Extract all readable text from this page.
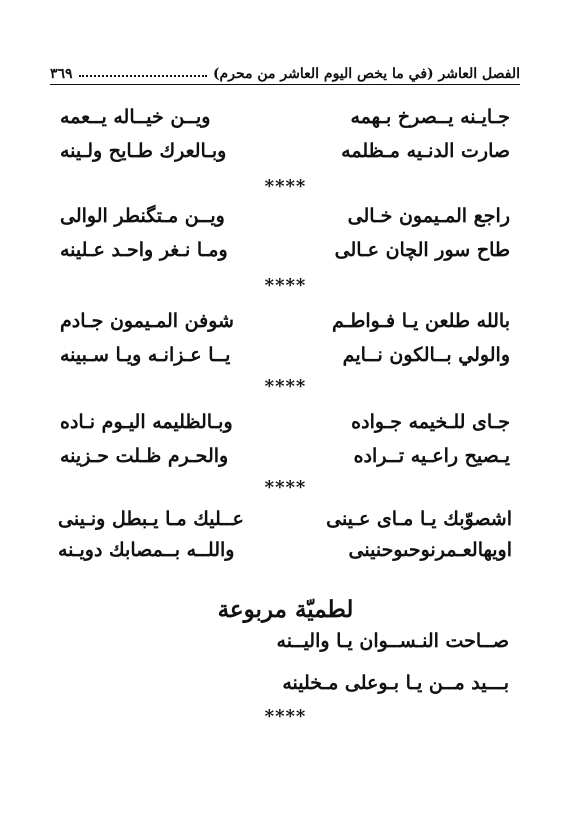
الفصل العاشر (في ما يخص اليوم العاشر من محرم)
٣٦٩
جـايـنه يــصرخ بـهمه
ويــن خيــاله يــعمه
صارت الدنـيه مـظلمه
وبـالعرك طـايح ولـينه
****
راجع المـيمون خـالى
ويــن مـتگنطر الوالى
طاح سور الچان عـالى
ومـا نـغر واحـد عـلينه
****
بالله طلعن يـا فـواطـم
شوفن المـيمون جـادم
والولي بــالكون نــايم
يــا عـزانـه ويـا سـبينه
****
جـاى للـخيمه جـواده
وبـالظليمه اليـوم نـاده
يـصيح راعـيه تــراده
والحـرم ظـلت حـزينه
****
اشصوّبك يـا مـاى عـينى
عــليك مـا يـبطل ونـينى
اويهالعـمرنوحىوحنينى
واللــه بــمصابك دويـنه
لطميّة مربوعة
صــاحت النـســوان يـا واليــنه
بـــيد مــن يـا بـوعلى مـخلينه
****
